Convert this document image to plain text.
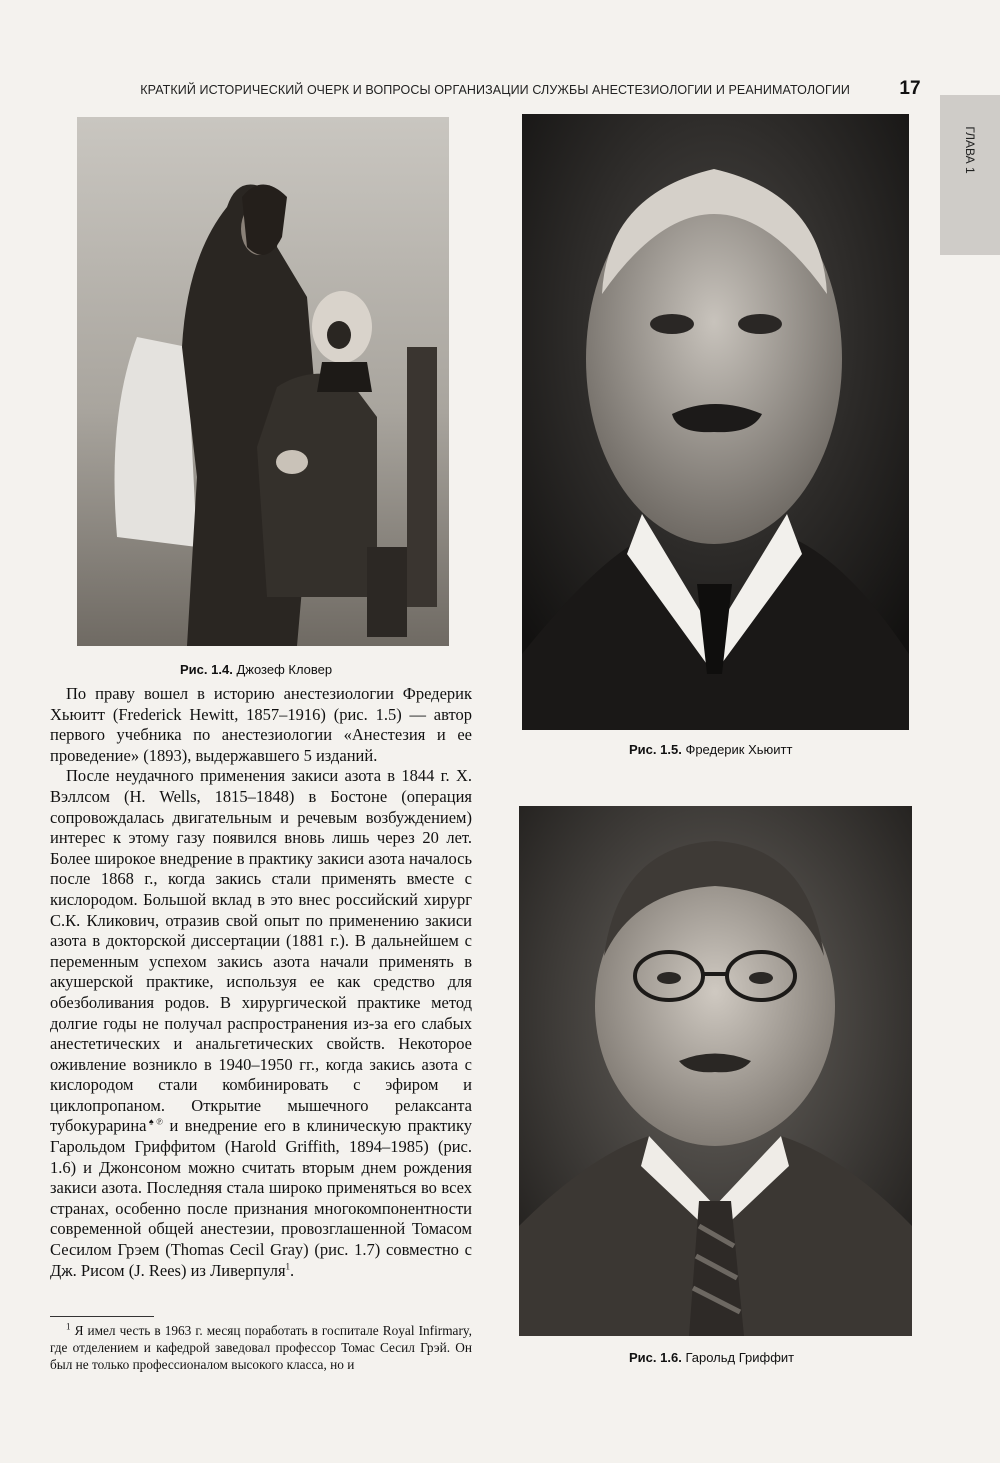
КРАТКИЙ ИСТОРИЧЕСКИЙ ОЧЕРК И ВОПРОСЫ ОРГАНИЗАЦИИ СЛУЖБЫ АНЕСТЕЗИОЛОГИИ И РЕАНИМАТОЛОГИИ	17
ГЛАВА 1
Рис. 1.4. Джозеф Кловер
Рис. 1.5. Фредерик Хьюитт
Рис. 1.6. Гарольд Гриффит

По праву вошел в историю анестезиологии Фредерик Хьюитт (Frederick Hewitt, 1857–1916) (рис. 1.5) — автор первого учебника по анестезиологии «Анестезия и ее проведение» (1893), выдержавшего 5 изданий.

После неудачного применения закиси азота в 1844 г. Х. Вэллсом (H. Wells, 1815–1848) в Бостоне (операция сопровождалась двигательным и речевым возбуждением) интерес к этому газу появился вновь лишь через 20 лет. Более широкое внедрение в практику закиси азота началось после 1868 г., когда закись стали применять вместе с кислородом. Большой вклад в это внес российский хирург С.К. Кликович, отразив свой опыт по применению закиси азота в докторской диссертации (1881 г.). В дальнейшем с переменным успехом закись азота начали применять в акушерской практике, используя ее как средство для обезболивания родов. В хирургической практике метод долгие годы не получал распространения из-за его слабых анестетических и анальгетических свойств. Некоторое оживление возникло в 1940–1950 гг., когда закись азота с кислородом стали комбинировать с эфиром и циклопропаном. Открытие мышечного релаксанта тубокурарина♠℗ и внедрение его в клиническую практику Гарольдом Гриффитом (Harold Griffith, 1894–1985) (рис. 1.6) и Джонсоном можно считать вторым днем рождения закиси азота. Последняя стала широко применяться во всех странах, особенно после признания многокомпонентности современной общей анестезии, провозглашенной Томасом Сесилом Грэем (Thomas Cecil Gray) (рис. 1.7) совместно с Дж. Рисом (J. Rees) из Ливерпуля$^1$.

$^1$ Я имел честь в 1963 г. месяц поработать в госпитале Royal Infirmary, где отделением и кафедрой заведовал профессор Томас Сесил Грэй. Он был не только профессионалом высокого класса, но и
